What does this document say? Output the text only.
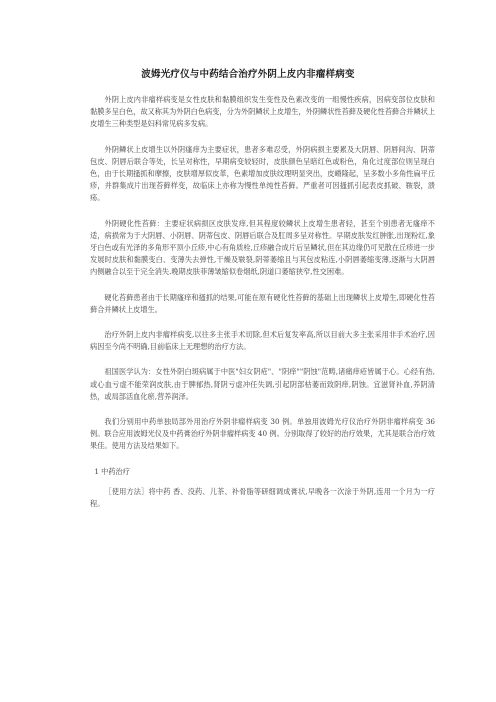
波姆光疗仪与中药结合治疗外阴上皮内非瘤样病变

外阴上皮内非瘤样病变是女性皮肤和黏膜组织发生变性及色素改变的一组慢性疾病，因病变部位皮肤和黏膜多呈白色，故又称其为外阴白色病变，分为外阴鳞状上皮增生，外阴鳞状性苔藓及硬化性苔藓合并鳞状上皮增生三种类型是妇科常见病多发病。

外阴鳞状上皮增生以外阴瘙痒为主要症状，患者多难忍受，外阴病损主要累及大阴唇、阴唇间沟、阴蒂包皮、阴唇后联合等处，长呈对称性，早期病变较轻时，皮肤颜色呈暗红色或粉色，角化过度部位则呈现白色，由于长期搔抓和摩擦，皮肤增厚似皮革，色素增加皮肤纹理明显突出，皮嵴隆起，呈多数小多角性扁平丘疹，并群集成片出现苔藓样变，故临床上亦称为慢性单纯性苔藓。严重者可因搔抓引起表皮抓破、皲裂，溃疡。

外阴硬化性苔藓：主要症状病损区皮肤发痒,但其程度较鳞状上皮增生患者轻，甚至个别患者无瘙痒不适，病损常为于大阴唇、小阴唇、阴蒂包皮、阴唇后联合及肛周多呈对称性。早期皮肤发红肿胀,出现粉红,象牙白色或有光泽的多角形平顶小丘疹,中心有角质栓,丘疹融合成片后呈鳞状,但在其边缘仍可见散在丘疹进一步发展时皮肤和黏膜变白、变薄失去弹性,干燥及皲裂,阴蒂萎缩且与其包皮粘连,小阴唇萎缩变薄,逐渐与大阴唇内侧融合以至于完全消失.晚期皮肤菲薄皱缩似卷烟纸,阴道口萎缩狭窄,性交困难。

硬化苔藓患者由于长期瘙痒和搔抓的结果,可能在原有硬化性苔藓的基础上出现鳞状上皮增生,即硬化性苔藓合并鳞状上皮增生。

治疗外阴上皮内非瘤样病变,以往多主张手术切除,但术后复发率高,所以目前大多主张采用非手术治疗,因病因至今尚不明确,目前临床上无理想的治疗方法。

祖国医学认为：女性外阴白斑病属于中医"妇女阴疮"、"阴痒""阴蚀"范畴,诸痛痒疮皆属于心。心经有热,或心血亏虚不能荣润皮肤,由于脾郁热,肾阴亏虚冲任失调,引起阴部枯萎而致阴痒,阴蚀。宜滋肾补血,养阴清热，或局部活血化瘀,营养润泽。

我们分别用中药单独局部外用治疗外阴非瘤样病变 30 例。单独用波姆光疗仪治疗外阴非瘤样病变 36 例。联合应用波姆光仪及中药膏治疗外阴非瘤样病变 40 例。分别取得了较好的治疗效果，尤其是联合治疗效果佳。使用方法及结果如下。

1 中药治疗

［使用方法］将中药 香、没药、儿茶、补骨脂等研细调成膏状,早晚各一次涂于外阴,连用一个月为一疗程。
